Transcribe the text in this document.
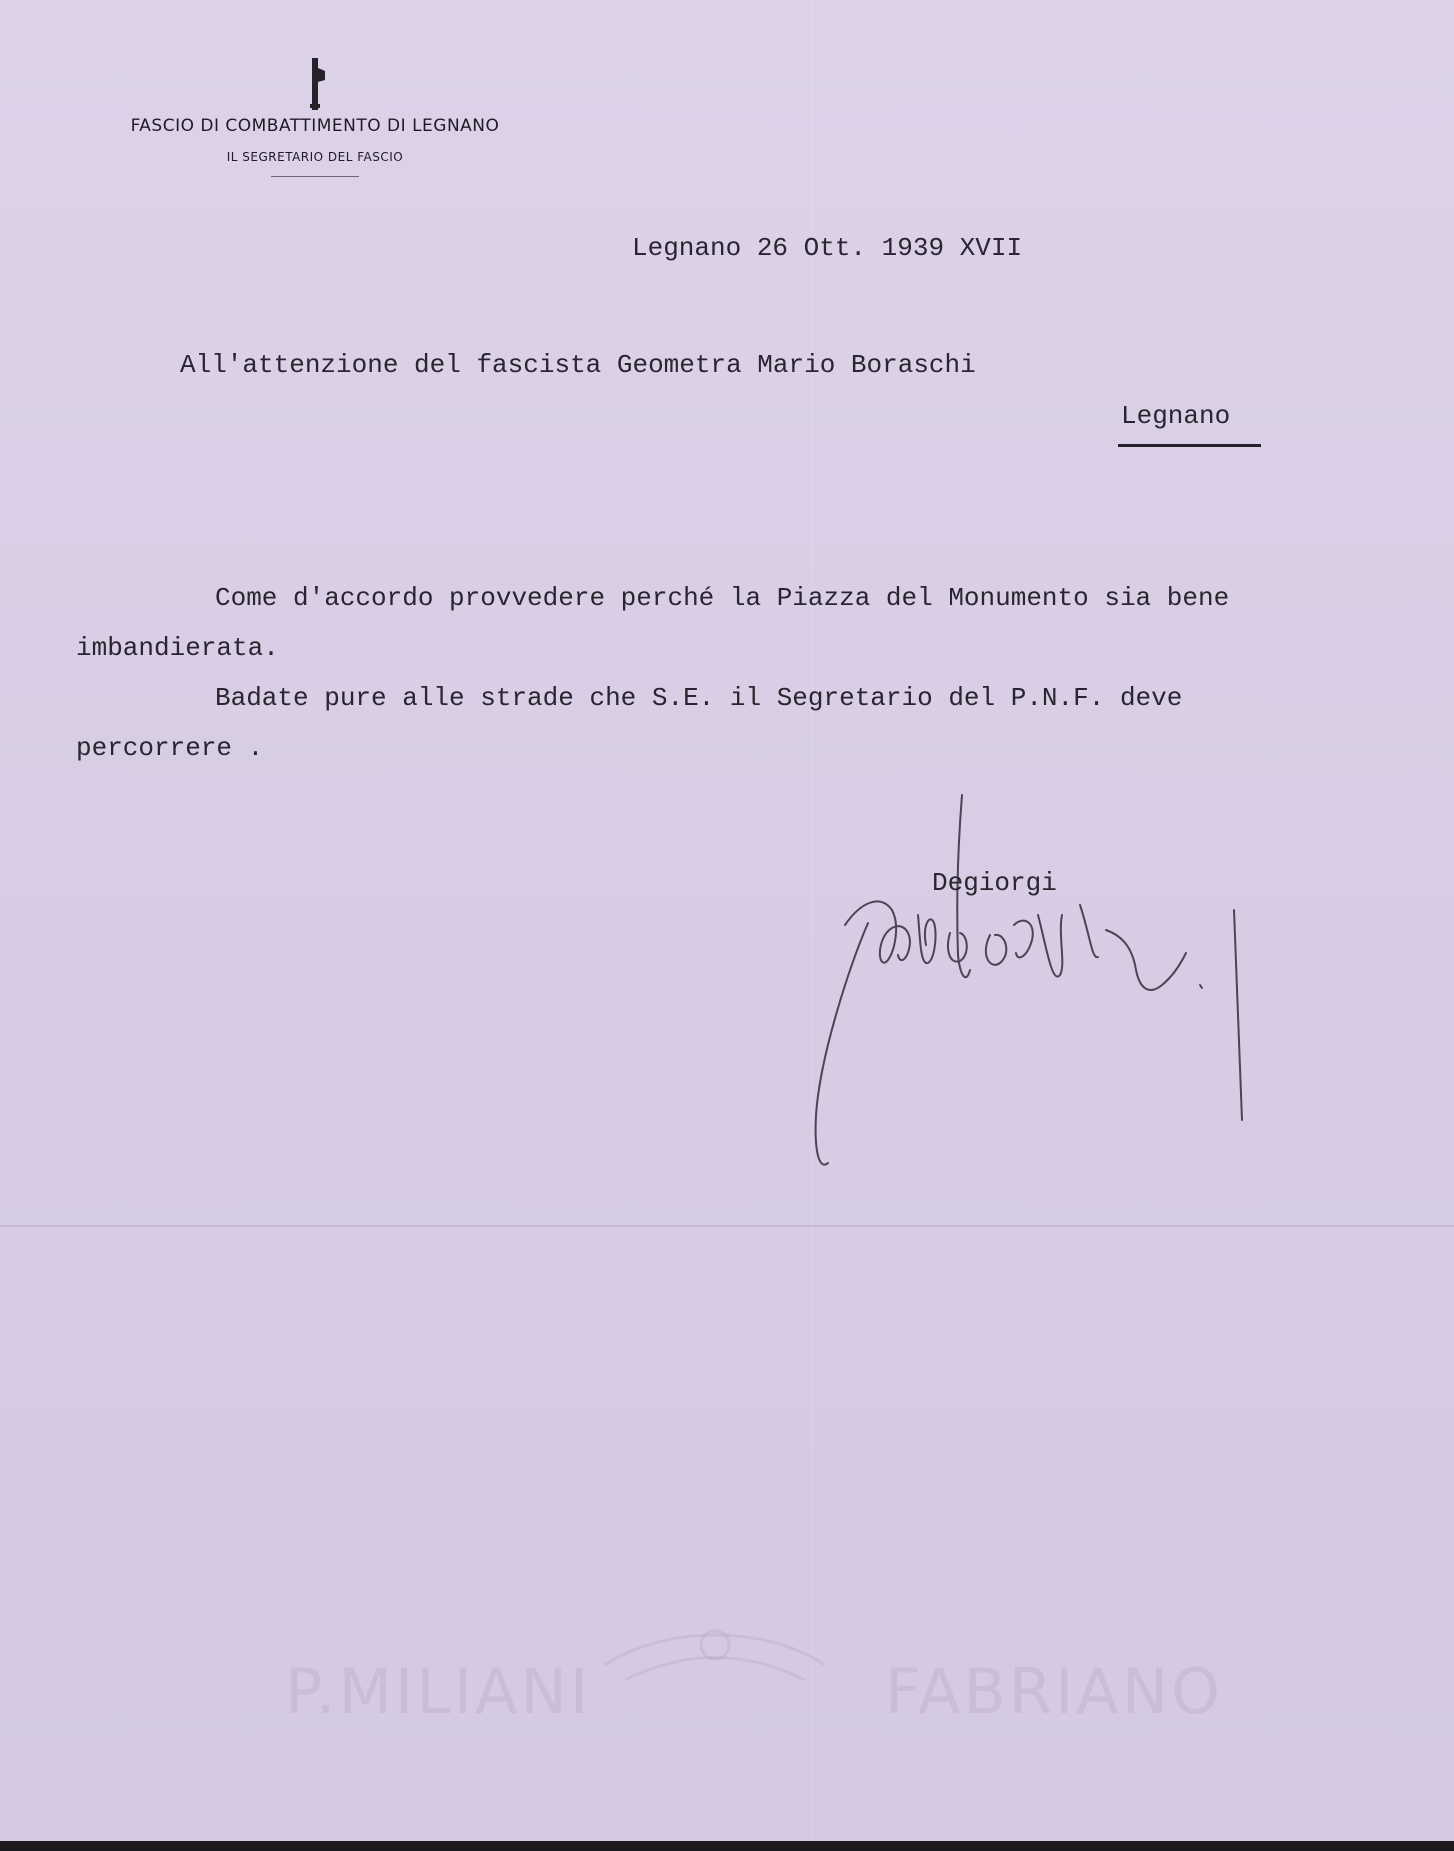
FASCIO DI COMBATTIMENTO DI LEGNANO
IL SEGRETARIO DEL FASCIO
Legnano 26 Ott. 1939 XVII
All'attenzione del fascista Geometra Mario Boraschi
Legnano
Come d'accordo provvedere perché la Piazza del Monumento sia bene
imbandierata.
Badate pure alle strade che S.E. il Segretario del P.N.F. deve
percorrere .
Degiorgi
P.MILIANI	FABRIANO
